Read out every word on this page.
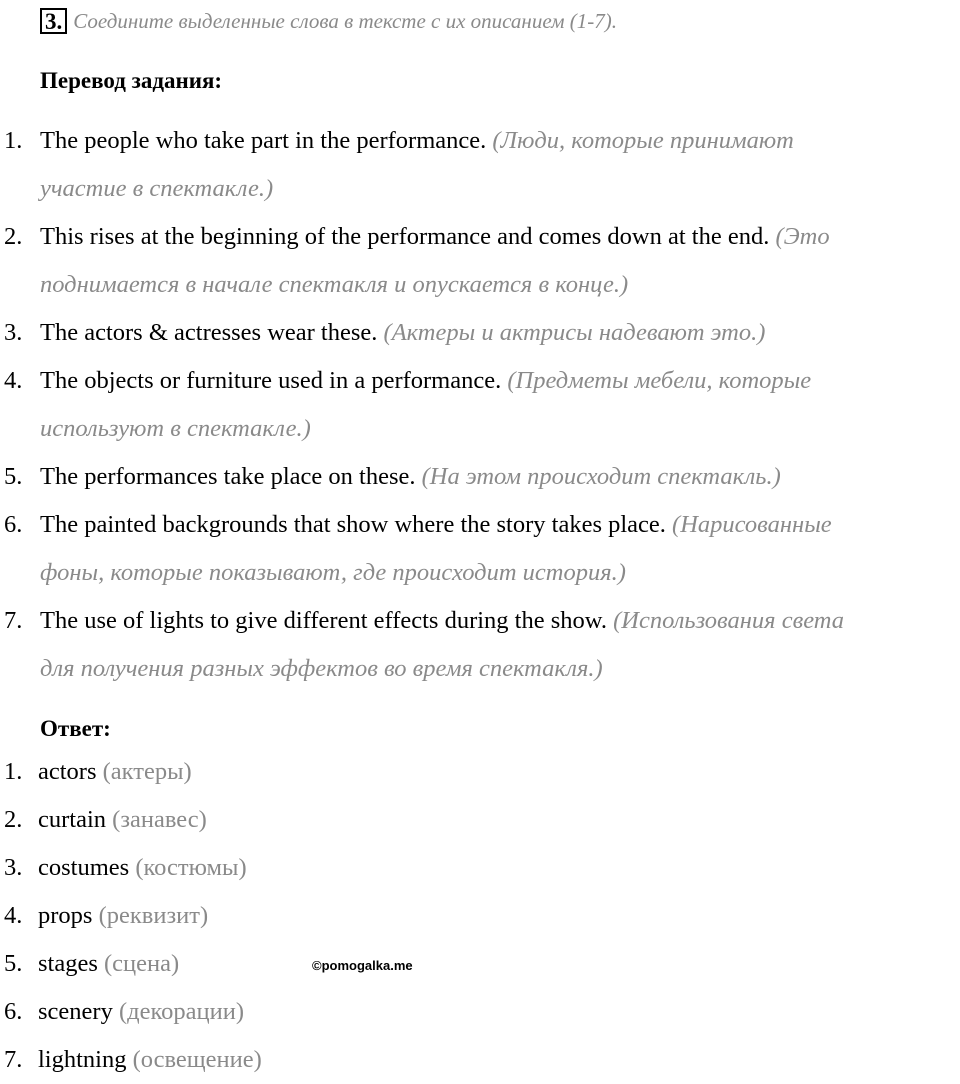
3. Соедините выделенные слова в тексте с их описанием (1-7).
Перевод задания:
1. The people who take part in the performance. (Люди, которые принимают
участие в спектакле.)
2. This rises at the beginning of the performance and comes down at the end. (Это
поднимается в начале спектакля и опускается в конце.)
3. The actors & actresses wear these. (Актеры и актрисы надевают это.)
4. The objects or furniture used in a performance. (Предметы мебели, которые
используют в спектакле.)
5. The performances take place on these. (На этом происходит спектакль.)
6. The painted backgrounds that show where the story takes place. (Нарисованные
фоны, которые показывают, где происходит история.)
7. The use of lights to give different effects during the show. (Использования света
для получения разных эффектов во время спектакля.)
Ответ:
1. actors (актеры)
2. curtain (занавес)
3. costumes (костюмы)
4. props (реквизит)
5. stages (сцена)
6. scenery (декорации)
7. lightning (освещение)
©pomogalka.me
